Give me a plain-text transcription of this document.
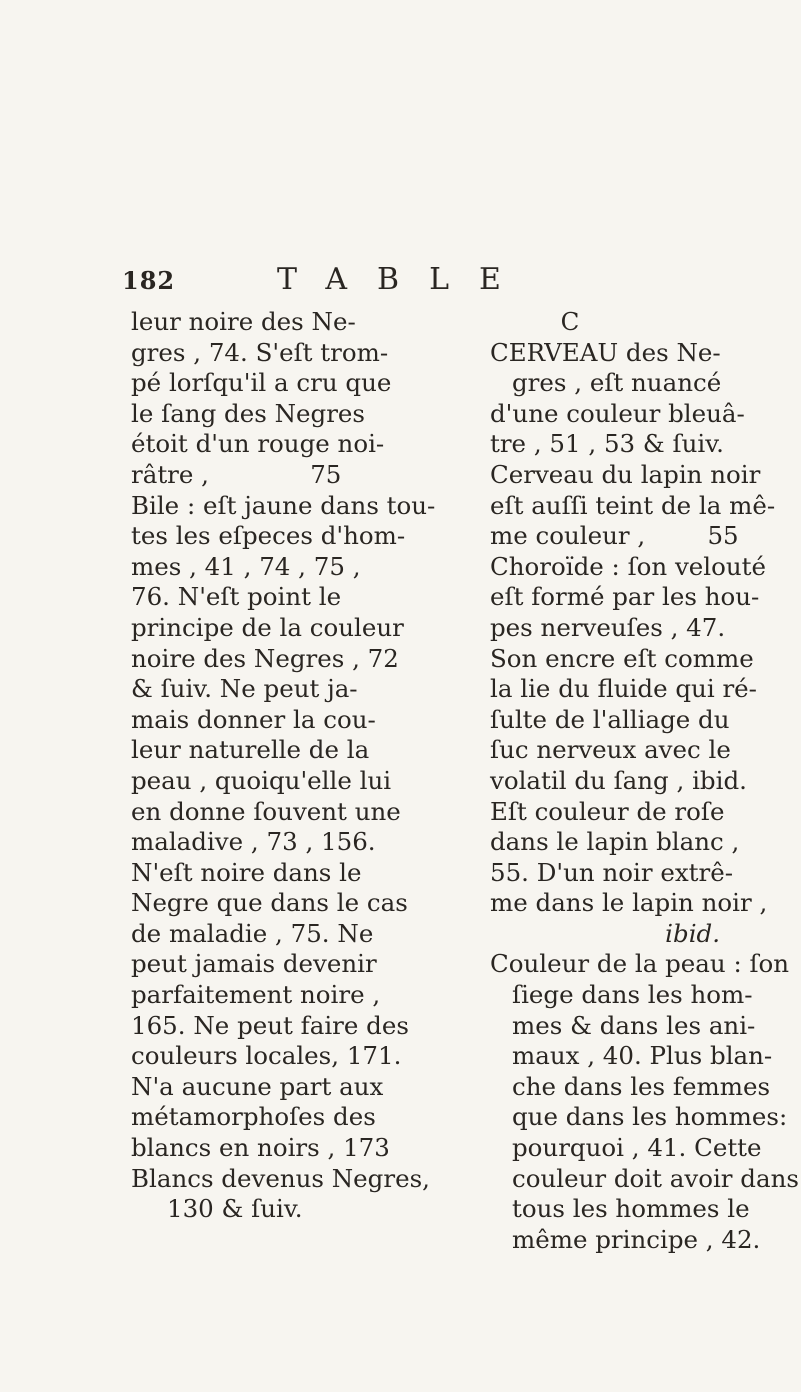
182	TABLE
leur noire des Ne-
gres , 74. S'eſt trom-
pé lorſqu'il a cru que
le ſang des Negres
étoit d'un rouge noi-
râtre ,             75
Bile : eſt jaune dans tou-
tes les eſpeces d'hom-
mes , 41 , 74 , 75 ,
76. N'eſt point le
principe de la couleur
noire des Negres , 72
& ſuiv. Ne peut ja-
mais donner la cou-
leur naturelle de la
peau , quoiqu'elle lui
en donne ſouvent une
maladive , 73 , 156.
N'eſt noire dans le
Negre que dans le cas
de maladie , 75. Ne
peut jamais devenir
parfaitement noire ,
165. Ne peut faire des
couleurs locales, 171.
N'a aucune part aux
métamorphoſes des
blancs en noirs , 173
Blancs devenus Negres,
130 & ſuiv.
C
CERVEAU des Ne-
gres , eſt nuancé
d'une couleur bleuâ-
tre , 51 , 53 & ſuiv.
Cerveau du lapin noir
eſt auſſi teint de la mê-
me couleur ,        55
Choroïde : ſon velouté
eſt formé par les hou-
pes nerveuſes , 47.
Son encre eſt comme
la lie du fluide qui ré-
ſulte de l'alliage du
ſuc nerveux avec le
volatil du ſang , ibid.
Eſt couleur de roſe
dans le lapin blanc ,
55. D'un noir extrê-
me dans le lapin noir ,
ibid.
Couleur de la peau : ſon
ſiege dans les hom-
mes & dans les ani-
maux , 40. Plus blan-
che dans les femmes
que dans les hommes:
pourquoi , 41. Cette
couleur doit avoir dans
tous les hommes le
même principe , 42.
